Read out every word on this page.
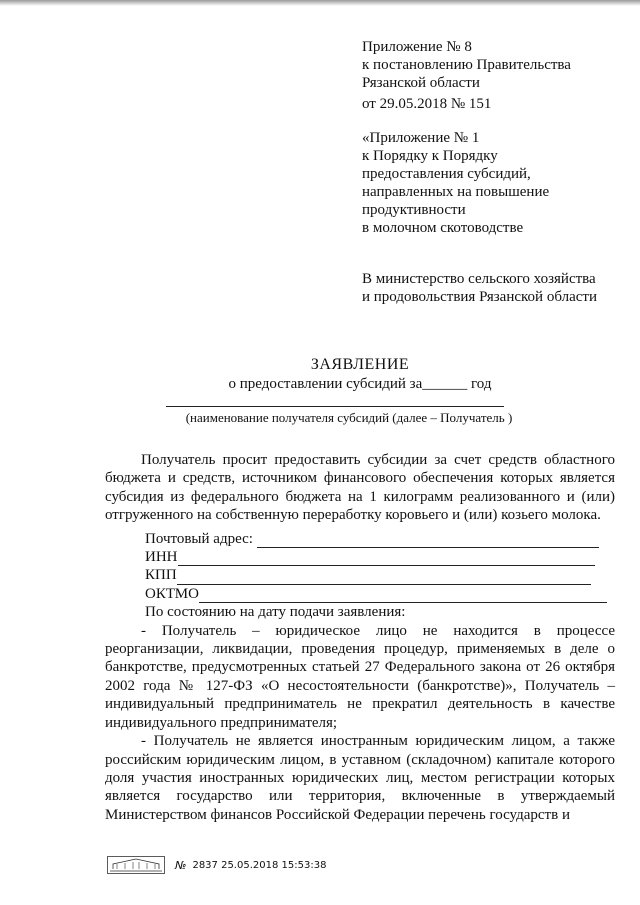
Приложение № 8
к постановлению Правительства
Рязанской области
от 29.05.2018 № 151
«Приложение № 1
к Порядку к Порядку
предоставления субсидий,
направленных на повышение
продуктивности
в молочном скотоводстве
В министерство сельского хозяйства
и продовольствия Рязанской области
ЗАЯВЛЕНИЕ
о предоставлении субсидий за______ год
(наименование получателя субсидий (далее – Получатель )

Получатель просит предоставить субсидии за счет средств областного бюджета и средств, источником финансового обеспечения которых является субсидия из федерального бюджета на 1 килограмм реализованного и (или) отгруженного на собственную переработку коровьего и (или) козьего молока.

Почтовый адрес:
ИНН
КПП
ОКТМО

По состоянию на дату подачи заявления:

- Получатель – юридическое лицо не находится в процессе реорганизации, ликвидации, проведения процедур, применяемых в деле о банкротстве, предусмотренных статьей 27 Федерального закона от 26 октября 2002 года № 127-ФЗ «О несостоятельности (банкротстве)», Получатель – индивидуальный предприниматель не прекратил деятельность в качестве индивидуального предпринимателя;

- Получатель не является иностранным юридическим лицом, а также российским юридическим лицом, в уставном (складочном) капитале которого доля участия иностранных юридических лиц, местом регистрации которых является государство или территория, включенные в утверждаемый Министерством финансов Российской Федерации перечень государств и

№ 2837 25.05.2018 15:53:38
